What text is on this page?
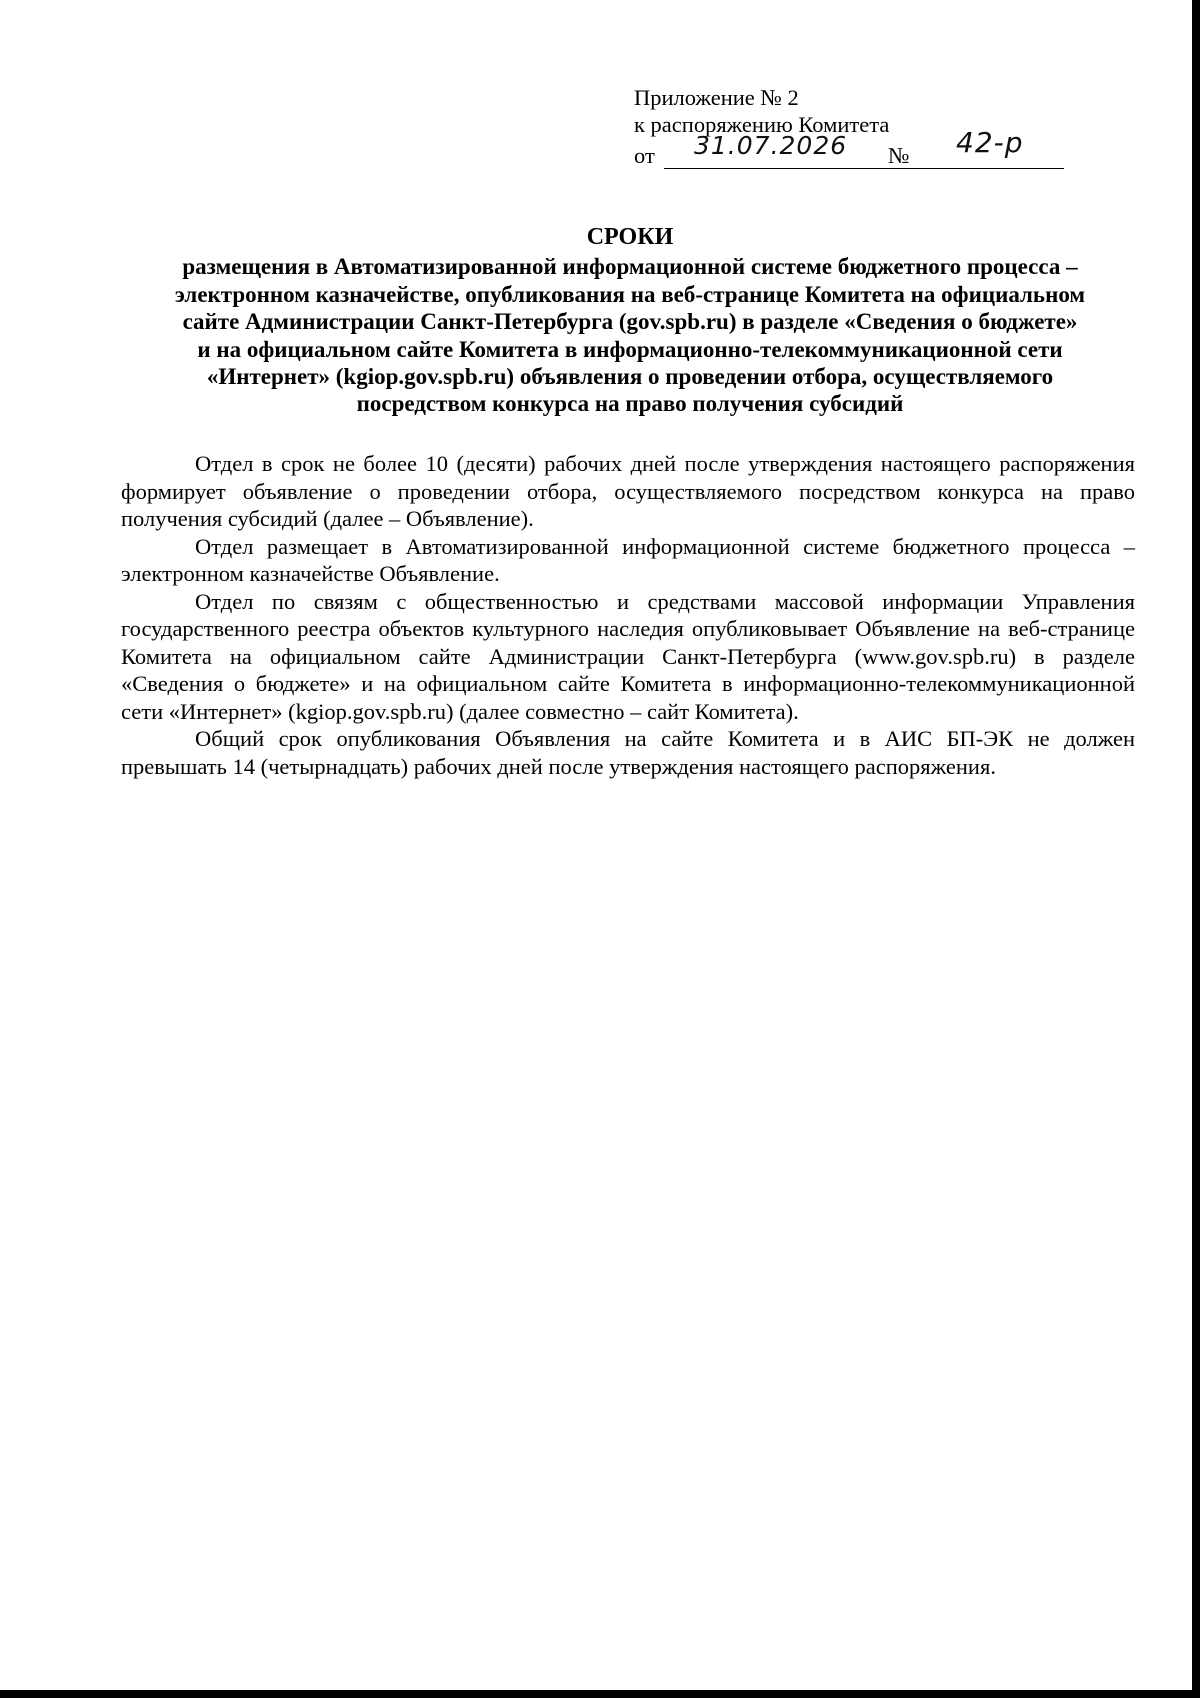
Приложение № 2
к распоряжению Комитета
от 31.07.2026 № 42-р
СРОКИ
размещения в Автоматизированной информационной системе бюджетного процесса –
электронном казначействе, опубликования на веб-странице Комитета на официальном
сайте Администрации Санкт-Петербурга (gov.spb.ru) в разделе «Сведения о бюджете»
и на официальном сайте Комитета в информационно-телекоммуникационной сети
«Интернет» (kgiop.gov.spb.ru) объявления о проведении отбора, осуществляемого
посредством конкурса на право получения субсидий

Отдел в срок не более 10 (десяти) рабочих дней после утверждения настоящего распоряжения формирует объявление о проведении отбора, осуществляемого посредством конкурса на право получения субсидий (далее – Объявление).

Отдел размещает в Автоматизированной информационной системе бюджетного процесса – электронном казначействе Объявление.

Отдел по связям с общественностью и средствами массовой информации Управления государственного реестра объектов культурного наследия опубликовывает Объявление на веб-странице Комитета на официальном сайте Администрации Санкт-Петербурга (www.gov.spb.ru) в разделе «Сведения о бюджете» и на официальном сайте Комитета в информационно-телекоммуникационной сети «Интернет» (kgiop.gov.spb.ru) (далее совместно – сайт Комитета).

Общий срок опубликования Объявления на сайте Комитета и в АИС БП-ЭК не должен превышать 14 (четырнадцать) рабочих дней после утверждения настоящего распоряжения.
